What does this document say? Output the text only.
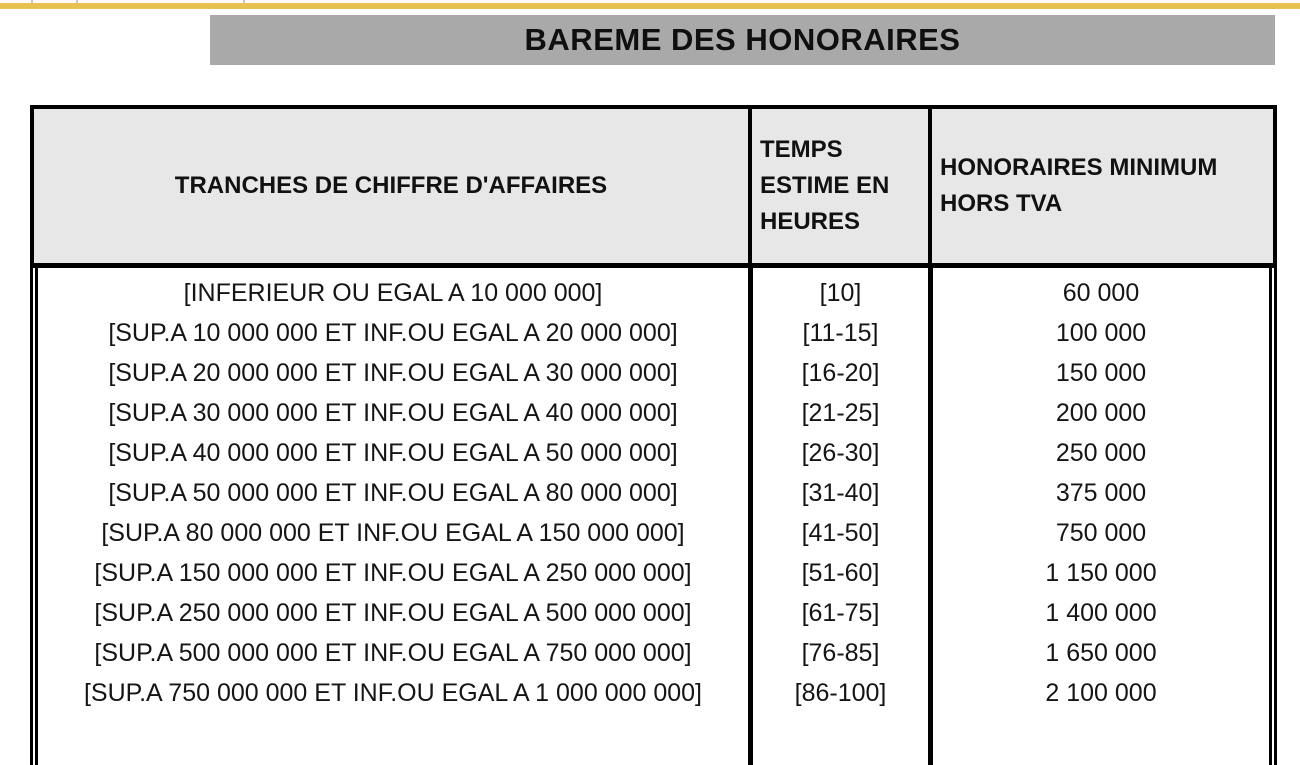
BAREME DES HONORAIRES
TRANCHES DE CHIFFRE D'AFFAIRES
TEMPS ESTIME EN HEURES
HONORAIRES MINIMUM HORS TVA
[INFERIEUR OU EGAL A 10 000 000]
[SUP.A 10 000 000 ET INF.OU EGAL A 20 000 000]
[SUP.A 20 000 000 ET INF.OU EGAL A 30 000 000]
[SUP.A 30 000 000 ET INF.OU EGAL A 40 000 000]
[SUP.A 40 000 000 ET INF.OU EGAL A 50 000 000]
[SUP.A 50 000 000 ET INF.OU EGAL A 80 000 000]
[SUP.A 80 000 000 ET INF.OU EGAL A 150 000 000]
[SUP.A 150 000 000 ET INF.OU EGAL A 250 000 000]
[SUP.A 250 000 000 ET INF.OU EGAL A 500 000 000]
[SUP.A 500 000 000 ET INF.OU EGAL A 750 000 000]
[SUP.A 750 000 000 ET INF.OU EGAL A 1 000 000 000]
[10]
[11-15]
[16-20]
[21-25]
[26-30]
[31-40]
[41-50]
[51-60]
[61-75]
[76-85]
[86-100]
60 000
100 000
150 000
200 000
250 000
375 000
750 000
1 150 000
1 400 000
1 650 000
2 100 000
